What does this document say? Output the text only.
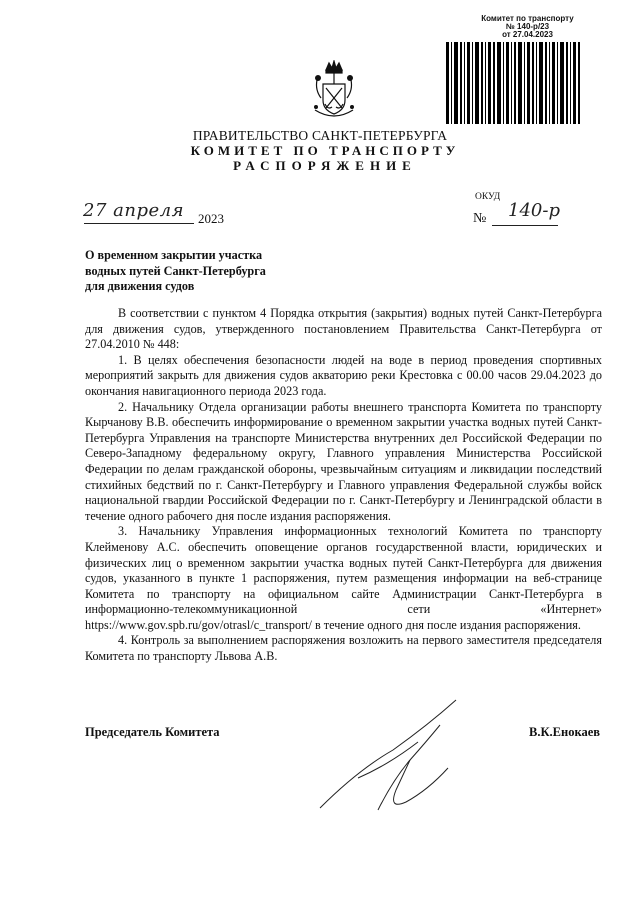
Комитет по транспорту
№ 140-р/23
от 27.04.2023
ПРАВИТЕЛЬСТВО САНКТ-ПЕТЕРБУРГА
КОМИТЕТ ПО ТРАНСПОРТУ
РАСПОРЯЖЕНИЕ
ОКУД
27 апреля 2023	№ 140-р
О временном закрытии участка
водных путей Санкт-Петербурга
для движения судов

В соответствии с пунктом 4 Порядка открытия (закрытия) водных путей Санкт-Петербурга для движения судов, утвержденного постановлением Правительства Санкт-Петербурга от 27.04.2010 № 448:

1. В целях обеспечения безопасности людей на воде в период проведения спортивных мероприятий закрыть для движения судов акваторию реки Крестовка с 00.00 часов 29.04.2023 до окончания навигационного периода 2023 года.

2. Начальнику Отдела организации работы внешнего транспорта Комитета по транспорту Кырчанову В.В. обеспечить информирование о временном закрытии участка водных путей Санкт-Петербурга Управления на транспорте Министерства внутренних дел Российской Федерации по Северо-Западному федеральному округу, Главного управления Министерства Российской Федерации по делам гражданской обороны, чрезвычайным ситуациям и ликвидации последствий стихийных бедствий по г. Санкт-Петербургу и Главного управления Федеральной службы войск национальной гвардии Российской Федерации по г. Санкт-Петербургу и Ленинградской области в течение одного рабочего дня после издания распоряжения.

3. Начальнику Управления информационных технологий Комитета по транспорту Клейменову А.С. обеспечить оповещение органов государственной власти, юридических и физических лиц о временном закрытии участка водных путей Санкт-Петербурга для движения судов, указанного в пункте 1 распоряжения, путем размещения информации на веб-странице Комитета по транспорту на официальном сайте Администрации Санкт-Петербурга в информационно-телекоммуникационной сети «Интернет» https://www.gov.spb.ru/gov/otrasl/c_transport/ в течение одного дня после издания распоряжения.

4. Контроль за выполнением распоряжения возложить на первого заместителя председателя Комитета по транспорту Львова А.В.

Председатель Комитета	В.К.Енокаев
